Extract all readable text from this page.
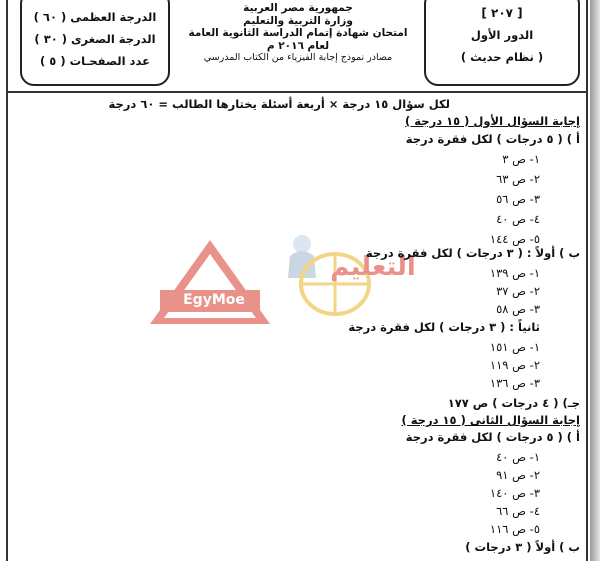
[ ٢٠٧ ]
الدور الأول
( نظام حديث )
جمهورية مصر العربية
وزارة التربية والتعليم
امتحان شهادة إتمام الدراسة الثانوية العامة
لعام ٢٠١٦ م
مصادر نموذج إجابة الفيزياء من الكتاب المدرسي
الدرجة العظمى ( ٦٠ )
الدرجة الصغرى ( ٣٠ )
عدد الصفحـات ( ٥ )
EgyMoe
التعليم
لكل سؤال ١٥ درجة × أربعة أسئلة يختارها الطالب = ٦٠ درجة
إجابة السؤال الأول ( ١٥ درجة )
أ ) ( ٥ درجات ) لكل فقرة درجة
١- ص ٣
٢- ص ٦٣
٣- ص ٥٦
٤- ص ٤٠
٥- ص ١٤٤
ب ) أولاً : ( ٣ درجات ) لكل فقرة درجة
١- ص ١٣٩
٢- ص ٣٧
٣- ص ٥٨
ثانياً : ( ٣ درجات ) لكل فقرة درجة
١- ص ١٥١
٢- ص ١١٩
٣- ص ١٣٦
جـ) ( ٤ درجات ) ص ١٧٧
إجابة السؤال الثانى ( ١٥ درجة )
أ ) ( ٥ درجات ) لكل فقرة درجة
١- ص ٤٠
٢- ص ٩١
٣- ص ١٤٠
٤- ص ٦٦
٥- ص ١١٦
ب ) أولاً ( ٣ درجات )
